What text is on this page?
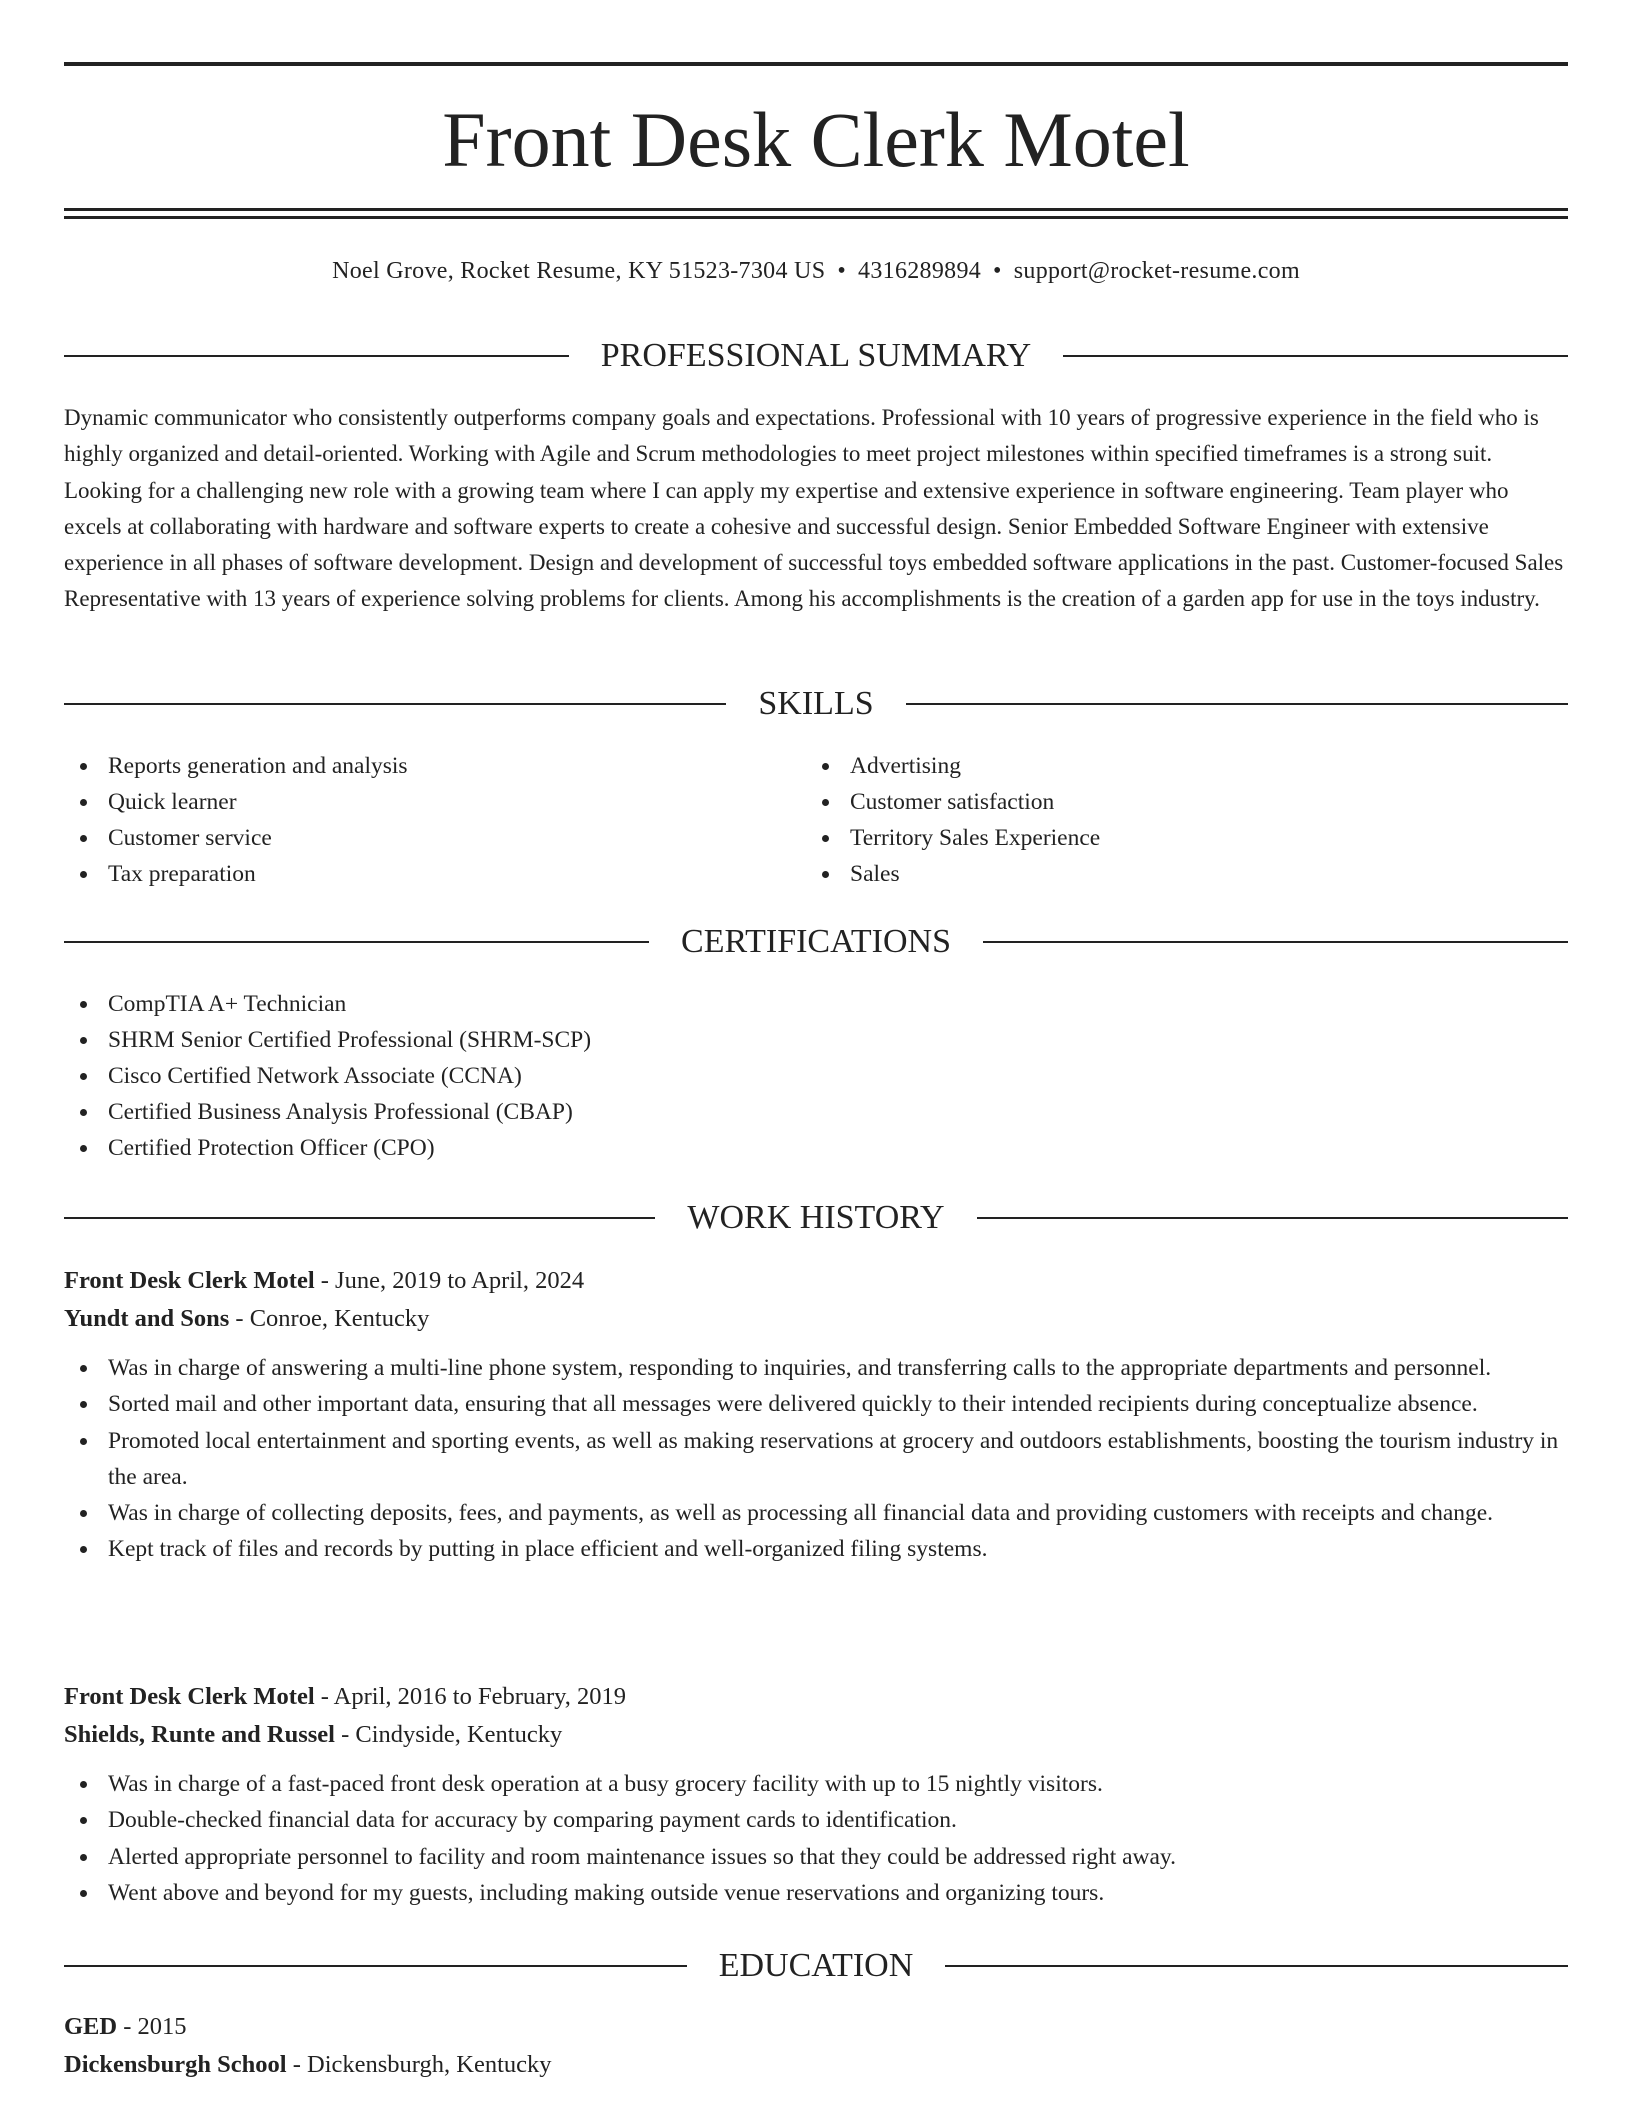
Front Desk Clerk Motel
Noel Grove, Rocket Resume, KY 51523-7304 US • 4316289894 • support@rocket-resume.com
PROFESSIONAL SUMMARY

Dynamic communicator who consistently outperforms company goals and expectations. Professional with 10 years of progressive experience in the field who is highly organized and detail-oriented. Working with Agile and Scrum methodologies to meet project milestones within specified timeframes is a strong suit. Looking for a challenging new role with a growing team where I can apply my expertise and extensive experience in software engineering. Team player who excels at collaborating with hardware and software experts to create a cohesive and successful design. Senior Embedded Software Engineer with extensive experience in all phases of software development. Design and development of successful toys embedded software applications in the past. Customer-focused Sales Representative with 13 years of experience solving problems for clients. Among his accomplishments is the creation of a garden app for use in the toys industry.

SKILLS
Reports generation and analysis
Quick learner
Customer service
Tax preparation
Advertising
Customer satisfaction
Territory Sales Experience
Sales
CERTIFICATIONS
CompTIA A+ Technician
SHRM Senior Certified Professional (SHRM-SCP)
Cisco Certified Network Associate (CCNA)
Certified Business Analysis Professional (CBAP)
Certified Protection Officer (CPO)
WORK HISTORY

Front Desk Clerk Motel - June, 2019 to April, 2024

Yundt and Sons - Conroe, Kentucky

Was in charge of answering a multi-line phone system, responding to inquiries, and transferring calls to the appropriate departments and personnel.
Sorted mail and other important data, ensuring that all messages were delivered quickly to their intended recipients during conceptualize absence.
Promoted local entertainment and sporting events, as well as making reservations at grocery and outdoors establishments, boosting the tourism industry in the area.
Was in charge of collecting deposits, fees, and payments, as well as processing all financial data and providing customers with receipts and change.
Kept track of files and records by putting in place efficient and well-organized filing systems.

Front Desk Clerk Motel - April, 2016 to February, 2019

Shields, Runte and Russel - Cindyside, Kentucky

Was in charge of a fast-paced front desk operation at a busy grocery facility with up to 15 nightly visitors.
Double-checked financial data for accuracy by comparing payment cards to identification.
Alerted appropriate personnel to facility and room maintenance issues so that they could be addressed right away.
Went above and beyond for my guests, including making outside venue reservations and organizing tours.
EDUCATION

GED - 2015

Dickensburgh School - Dickensburgh, Kentucky
